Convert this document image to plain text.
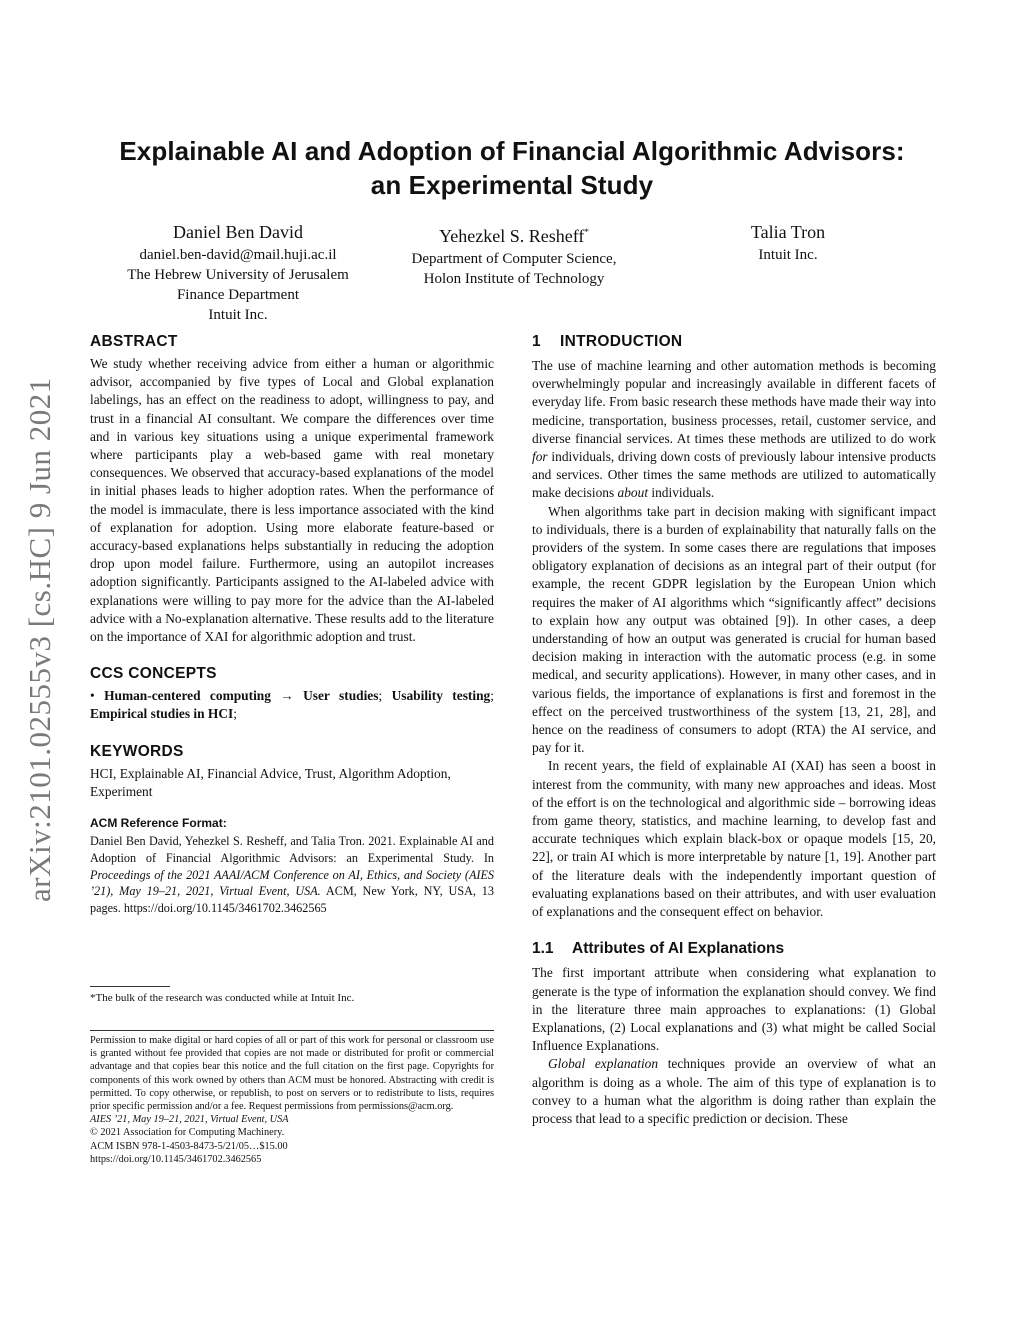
Explainable AI and Adoption of Financial Algorithmic Advisors:
an Experimental Study
Daniel Ben David
daniel.ben-david@mail.huji.ac.il
The Hebrew University of Jerusalem
Finance Department
Intuit Inc.
Yehezkel S. Resheff*
Department of Computer Science,
Holon Institute of Technology
Talia Tron
Intuit Inc.
arXiv:2101.02555v3 [cs.HC] 9 Jun 2021
ABSTRACT

We study whether receiving advice from either a human or algorithmic advisor, accompanied by five types of Local and Global explanation labelings, has an effect on the readiness to adopt, willingness to pay, and trust in a financial AI consultant. We compare the differences over time and in various key situations using a unique experimental framework where participants play a web-based game with real monetary consequences. We observed that accuracy-based explanations of the model in initial phases leads to higher adoption rates. When the performance of the model is immaculate, there is less importance associated with the kind of explanation for adoption. Using more elaborate feature-based or accuracy-based explanations helps substantially in reducing the adoption drop upon model failure. Furthermore, using an autopilot increases adoption significantly. Participants assigned to the AI-labeled advice with explanations were willing to pay more for the advice than the AI-labeled advice with a No-explanation alternative. These results add to the literature on the importance of XAI for algorithmic adoption and trust.

CCS CONCEPTS

• Human-centered computing → User studies; Usability testing; Empirical studies in HCI;

KEYWORDS

HCI, Explainable AI, Financial Advice, Trust, Algorithm Adoption, Experiment

ACM Reference Format:

Daniel Ben David, Yehezkel S. Resheff, and Talia Tron. 2021. Explainable AI and Adoption of Financial Algorithmic Advisors: an Experimental Study. In Proceedings of the 2021 AAAI/ACM Conference on AI, Ethics, and Society (AIES ’21), May 19–21, 2021, Virtual Event, USA. ACM, New York, NY, USA, 13 pages. https://doi.org/10.1145/3461702.3462565

*The bulk of the research was conducted while at Intuit Inc.

Permission to make digital or hard copies of all or part of this work for personal or classroom use is granted without fee provided that copies are not made or distributed for profit or commercial advantage and that copies bear this notice and the full citation on the first page. Copyrights for components of this work owned by others than ACM must be honored. Abstracting with credit is permitted. To copy otherwise, or republish, to post on servers or to redistribute to lists, requires prior specific permission and/or a fee. Request permissions from permissions@acm.org.

AIES ’21, May 19–21, 2021, Virtual Event, USA
© 2021 Association for Computing Machinery.
ACM ISBN 978-1-4503-8473-5/21/05…$15.00
https://doi.org/10.1145/3461702.3462565
1 INTRODUCTION

The use of machine learning and other automation methods is becoming overwhelmingly popular and increasingly available in different facets of everyday life. From basic research these methods have made their way into medicine, transportation, business processes, retail, customer service, and diverse financial services. At times these methods are utilized to do work for individuals, driving down costs of previously labour intensive products and services. Other times the same methods are utilized to automatically make decisions about individuals.

When algorithms take part in decision making with significant impact to individuals, there is a burden of explainability that naturally falls on the providers of the system. In some cases there are regulations that imposes obligatory explanation of decisions as an integral part of their output (for example, the recent GDPR legislation by the European Union which requires the maker of AI algorithms which “significantly affect” decisions to explain how any output was obtained [9]). In other cases, a deep understanding of how an output was generated is crucial for human based decision making in interaction with the automatic process (e.g. in some medical, and security applications). However, in many other cases, and in various fields, the importance of explanations is first and foremost in the effect on the perceived trustworthiness of the system [13, 21, 28], and hence on the readiness of consumers to adopt (RTA) the AI service, and pay for it.

In recent years, the field of explainable AI (XAI) has seen a boost in interest from the community, with many new approaches and ideas. Most of the effort is on the technological and algorithmic side – borrowing ideas from game theory, statistics, and machine learning, to develop fast and accurate techniques which explain black-box or opaque models [15, 20, 22], or train AI which is more interpretable by nature [1, 19]. Another part of the literature deals with the independently important question of evaluating explanations based on their attributes, and with user evaluation of explanations and the consequent effect on behavior.

1.1 Attributes of AI Explanations

The first important attribute when considering what explanation to generate is the type of information the explanation should convey. We find in the literature three main approaches to explanations: (1) Global Explanations, (2) Local explanations and (3) what might be called Social Influence Explanations.

Global explanation techniques provide an overview of what an algorithm is doing as a whole. The aim of this type of explanation is to convey to a human what the algorithm is doing rather than explain the process that lead to a specific prediction or decision. These
